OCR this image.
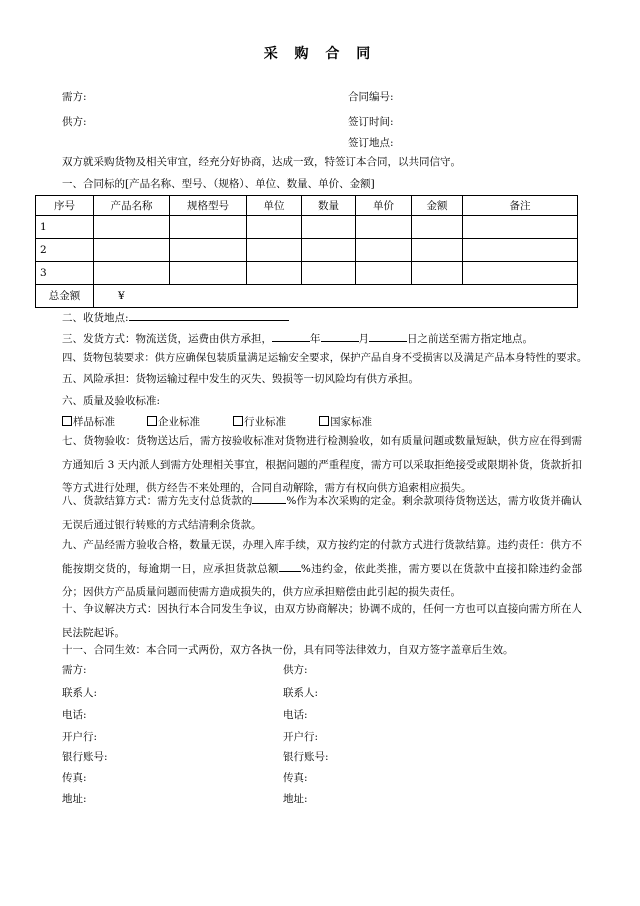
采 购 合 同
需方:	合同编号:
供方:	签订时间:
签订地点:
双方就采购货物及相关审宜，经充分好协商，达成一致，特签订本合同，以共同信守。
一、合同标的[产品名称、型号、（规格）、单位、数量、单价、金额]
序号	产品名称	规格型号	单位	数量	单价	金额	备注
1							
2							
3							
总金额	¥						
二、收货地点:
三、发货方式：物流送货，运费由供方承担，	年	月	日之前送至需方指定地点。
四、货物包装要求：供方应确保包装质量满足运输安全要求，保护产品自身不受损害以及满足产品本身特性的要求。
五、风险承担：货物运输过程中发生的灭失、毁损等一切风险均有供方承担。
六、质量及验收标准:
样品标准	企业标准	行业标准	国家标准
七、货物验收：货物送达后，需方按验收标准对货物进行检测验收，如有质量问题或数量短缺，供方应在得到需方通知后 3 天内派人到需方处理相关事宜，根据问题的严重程度，需方可以采取拒绝接受或限期补货，货款折扣等方式进行处理，供方经告不来处理的，合同自动解除，需方有权向供方追索相应损失。
八、货款结算方式：需方先支付总货款的	%作为本次采购的定金。剩余款项待货物送达，需方收货并确认无误后通过银行转账的方式结清剩余货款。
九、产品经需方验收合格，数量无误，办理入库手续，双方按约定的付款方式进行货款结算。违约责任：供方不能按期交货的，每逾期一日，应承担货款总额 %违约金，依此类推，需方要以在货款中直接扣除违约金部分；因供方产品质量问题而使需方造成损失的，供方应承担赔偿由此引起的损失责任。
十、争议解决方式：因执行本合同发生争议，由双方协商解决；协调不成的，任何一方也可以直接向需方所在人民法院起诉。
十一、合同生效：本合同一式两份，双方各执一份，具有同等法律效力，自双方签字盖章后生效。
需方:
联系人:
电话:
开户行:
银行账号:
传真:
地址:
供方:
联系人:
电话:
开户行:
银行账号:
传真:
地址:
